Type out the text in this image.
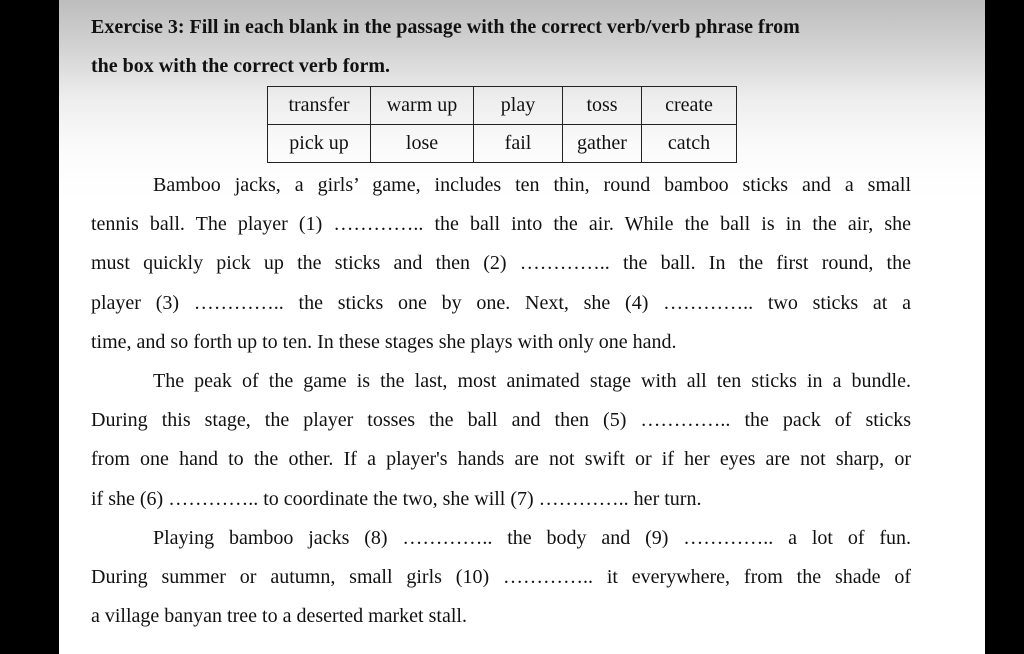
Exercise 3: Fill in each blank in the passage with the correct verb/verb phrase from
the box with the correct verb form.
transfer	warm up	play	toss	create
pick up	lose	fail	gather	catch
Bamboo jacks, a girls’ game, includes ten thin, round bamboo sticks and a small
tennis ball. The player (1) ………….. the ball into the air. While the ball is in the air, she
must quickly pick up the sticks and then (2) ………….. the ball. In the first round, the
player (3) ………….. the sticks one by one. Next, she (4) ………….. two sticks at a
time, and so forth up to ten. In these stages she plays with only one hand.
The peak of the game is the last, most animated stage with all ten sticks in a bundle.
During this stage, the player tosses the ball and then (5) ………….. the pack of sticks
from one hand to the other. If a player's hands are not swift or if her eyes are not sharp, or
if she (6) ………….. to coordinate the two, she will (7) ………….. her turn.
Playing bamboo jacks (8) ………….. the body and (9) ………….. a lot of fun.
During summer or autumn, small girls (10) ………….. it everywhere, from the shade of
a village banyan tree to a deserted market stall.
